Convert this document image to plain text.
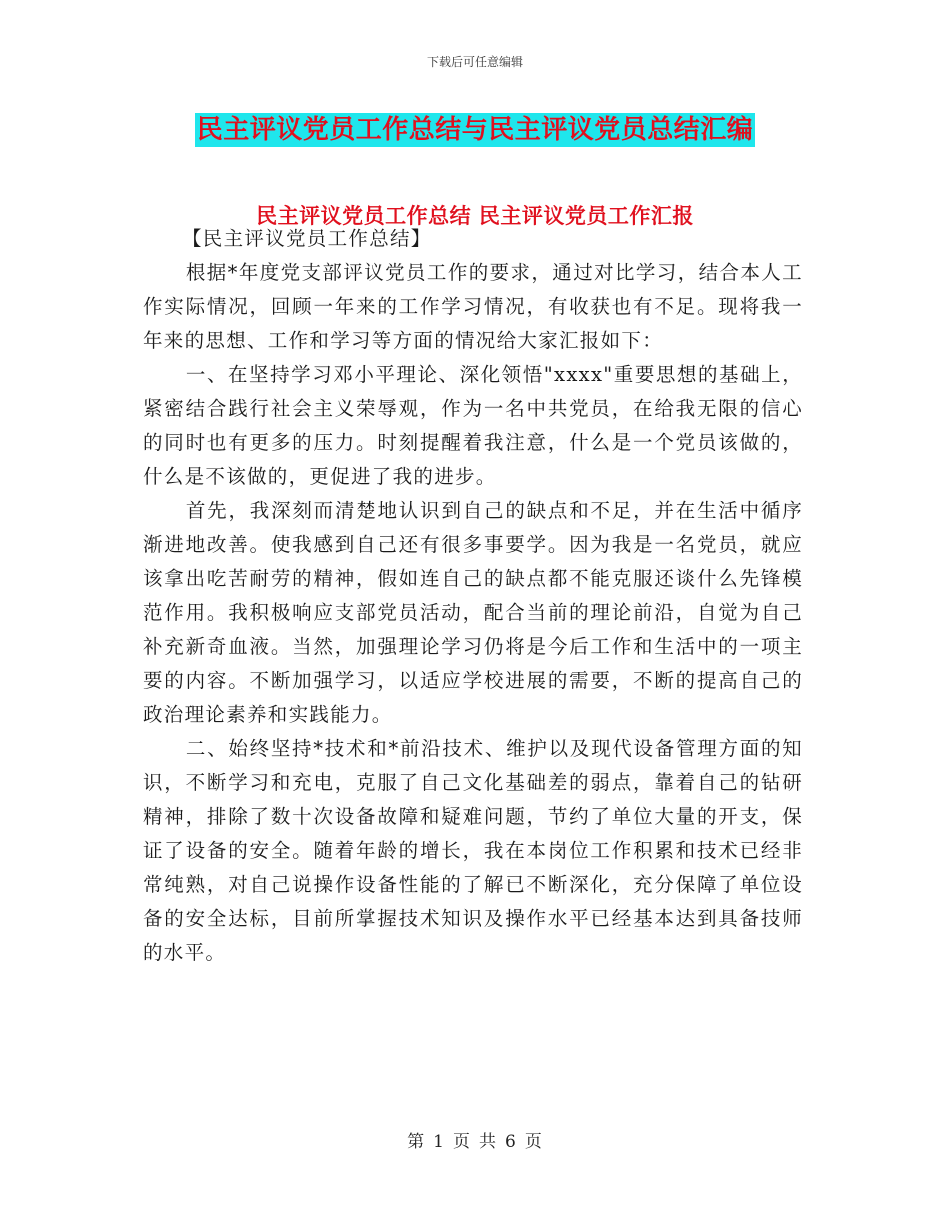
下载后可任意编辑
民主评议党员工作总结与民主评议党员总结汇编
民主评议党员工作总结 民主评议党员工作汇报

【民主评议党员工作总结】

根据*年度党支部评议党员工作的要求，通过对比学习，结合本人工作实际情况，回顾一年来的工作学习情况，有收获也有不足。现将我一年来的思想、工作和学习等方面的情况给大家汇报如下：

一、在坚持学习邓小平理论、深化领悟"xxxx"重要思想的基础上，紧密结合践行社会主义荣辱观，作为一名中共党员，在给我无限的信心的同时也有更多的压力。时刻提醒着我注意，什么是一个党员该做的，什么是不该做的，更促进了我的进步。

首先，我深刻而清楚地认识到自己的缺点和不足，并在生活中循序渐进地改善。使我感到自己还有很多事要学。因为我是一名党员，就应该拿出吃苦耐劳的精神，假如连自己的缺点都不能克服还谈什么先锋模范作用。我积极响应支部党员活动，配合当前的理论前沿，自觉为自己补充新奇血液。当然，加强理论学习仍将是今后工作和生活中的一项主要的内容。不断加强学习，以适应学校进展的需要，不断的提高自己的政治理论素养和实践能力。

二、始终坚持*技术和*前沿技术、维护以及现代设备管理方面的知识，不断学习和充电，克服了自己文化基础差的弱点，靠着自己的钻研精神，排除了数十次设备故障和疑难问题，节约了单位大量的开支，保证了设备的安全。随着年龄的增长，我在本岗位工作积累和技术已经非常纯熟，对自己说操作设备性能的了解已不断深化，充分保障了单位设备的安全达标，目前所掌握技术知识及操作水平已经基本达到具备技师的水平。

第 1 页 共 6 页
